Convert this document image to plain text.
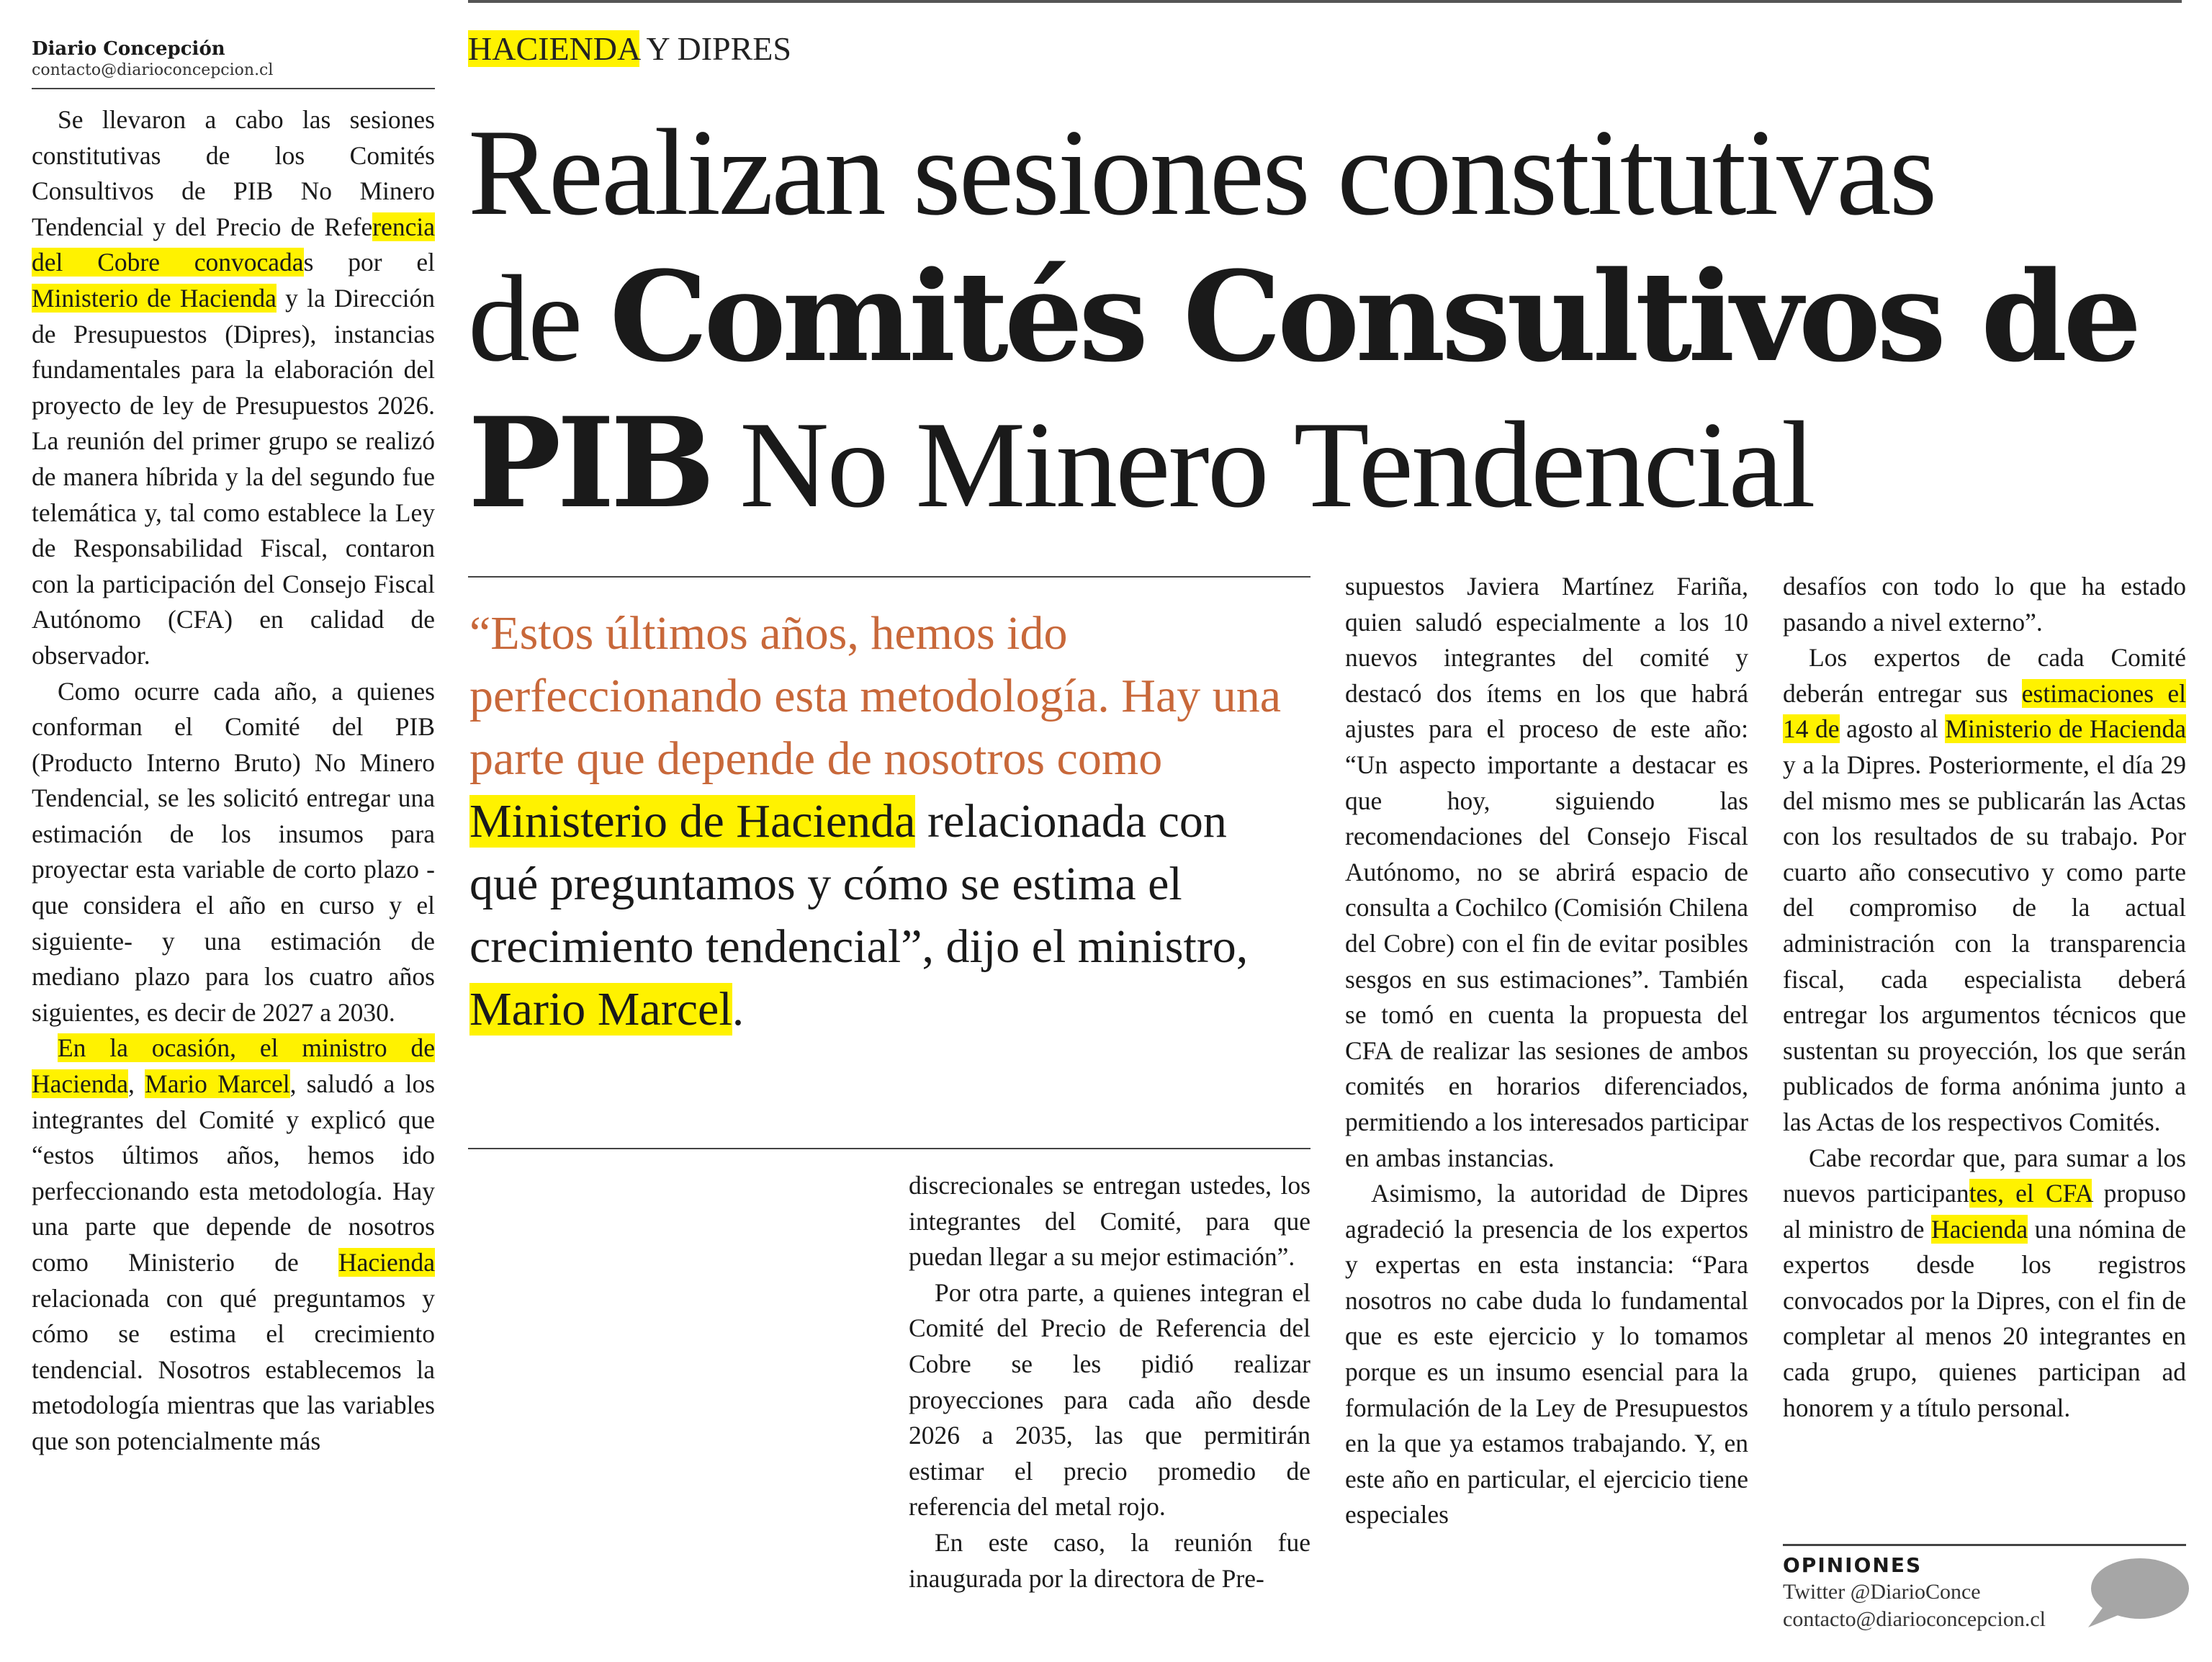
Diario Concepción
contacto@diarioconcepcion.cl

Se llevaron a cabo las sesiones constitutivas de los Comités Consultivos de PIB No Minero Tendencial y del Precio de Referencia del Cobre convocadas por el Ministerio de Hacienda y la Dirección de Presupuestos (Dipres), instancias fundamentales para la elaboración del proyecto de ley de Presupuestos 2026. La reunión del primer grupo se realizó de manera híbrida y la del segundo fue telemática y, tal como establece la Ley de Responsabilidad Fiscal, contaron con la participación del Consejo Fiscal Autónomo (CFA) en calidad de observador.

Como ocurre cada año, a quienes conforman el Comité del PIB (Producto Interno Bruto) No Minero Tendencial, se les solicitó entregar una estimación de los insumos para proyectar esta variable de corto plazo -que considera el año en curso y el siguiente- y una estimación de mediano plazo para los cuatro años siguientes, es decir de 2027 a 2030.

En la ocasión, el ministro de Hacienda, Mario Marcel, saludó a los integrantes del Comité y explicó que “estos últimos años, hemos ido perfeccionando esta metodología. Hay una parte que depende de nosotros como Ministerio de Hacienda relacionada con qué preguntamos y cómo se estima el crecimiento tendencial. Nosotros establecemos la metodología mientras que las variables que son potencialmente más

HACIENDA Y DIPRES
Realizan sesiones constitutivas
de Comités Consultivos de
PIB No Minero Tendencial
“Estos últimos años, hemos ido perfeccionando esta metodología. Hay una parte que depende de nosotros como Ministerio de Hacienda relacionada con qué preguntamos y cómo se estima el crecimiento tendencial”, dijo el ministro, Mario Marcel.

discrecionales se entregan ustedes, los integrantes del Comité, para que puedan llegar a su mejor estimación”.

Por otra parte, a quienes integran el Comité del Precio de Referencia del Cobre se les pidió realizar proyecciones para cada año desde 2026 a 2035, las que permitirán estimar el precio promedio de referencia del metal rojo.

En este caso, la reunión fue inaugurada por la directora de Pre-

supuestos Javiera Martínez Fariña, quien saludó especialmente a los 10 nuevos integrantes del comité y destacó dos ítems en los que habrá ajustes para el proceso de este año: “Un aspecto importante a destacar es que hoy, siguiendo las recomendaciones del Consejo Fiscal Autónomo, no se abrirá espacio de consulta a Cochilco (Comisión Chilena del Cobre) con el fin de evitar posibles sesgos en sus estimaciones”. También se tomó en cuenta la propuesta del CFA de realizar las sesiones de ambos comités en horarios diferenciados, permitiendo a los interesados participar en ambas instancias.

Asimismo, la autoridad de Dipres agradeció la presencia de los expertos y expertas en esta instancia: “Para nosotros no cabe duda lo fundamental que es este ejercicio y lo tomamos porque es un insumo esencial para la formulación de la Ley de Presupuestos en la que ya estamos trabajando. Y, en este año en particular, el ejercicio tiene especiales

desafíos con todo lo que ha estado pasando a nivel externo”.

Los expertos de cada Comité deberán entregar sus estimaciones el 14 de agosto al Ministerio de Hacienda y a la Dipres. Posteriormente, el día 29 del mismo mes se publicarán las Actas con los resultados de su trabajo. Por cuarto año consecutivo y como parte del compromiso de la actual administración con la transparencia fiscal, cada especialista deberá entregar los argumentos técnicos que sustentan su proyección, los que serán publicados de forma anónima junto a las Actas de los respectivos Comités.

Cabe recordar que, para sumar a los nuevos participantes, el CFA propuso al ministro de Hacienda una nómina de expertos desde los registros convocados por la Dipres, con el fin de completar al menos 20 integrantes en cada grupo, quienes participan ad honorem y a título personal.

OPINIONES
Twitter @DiarioConce
contacto@diarioconcepcion.cl
